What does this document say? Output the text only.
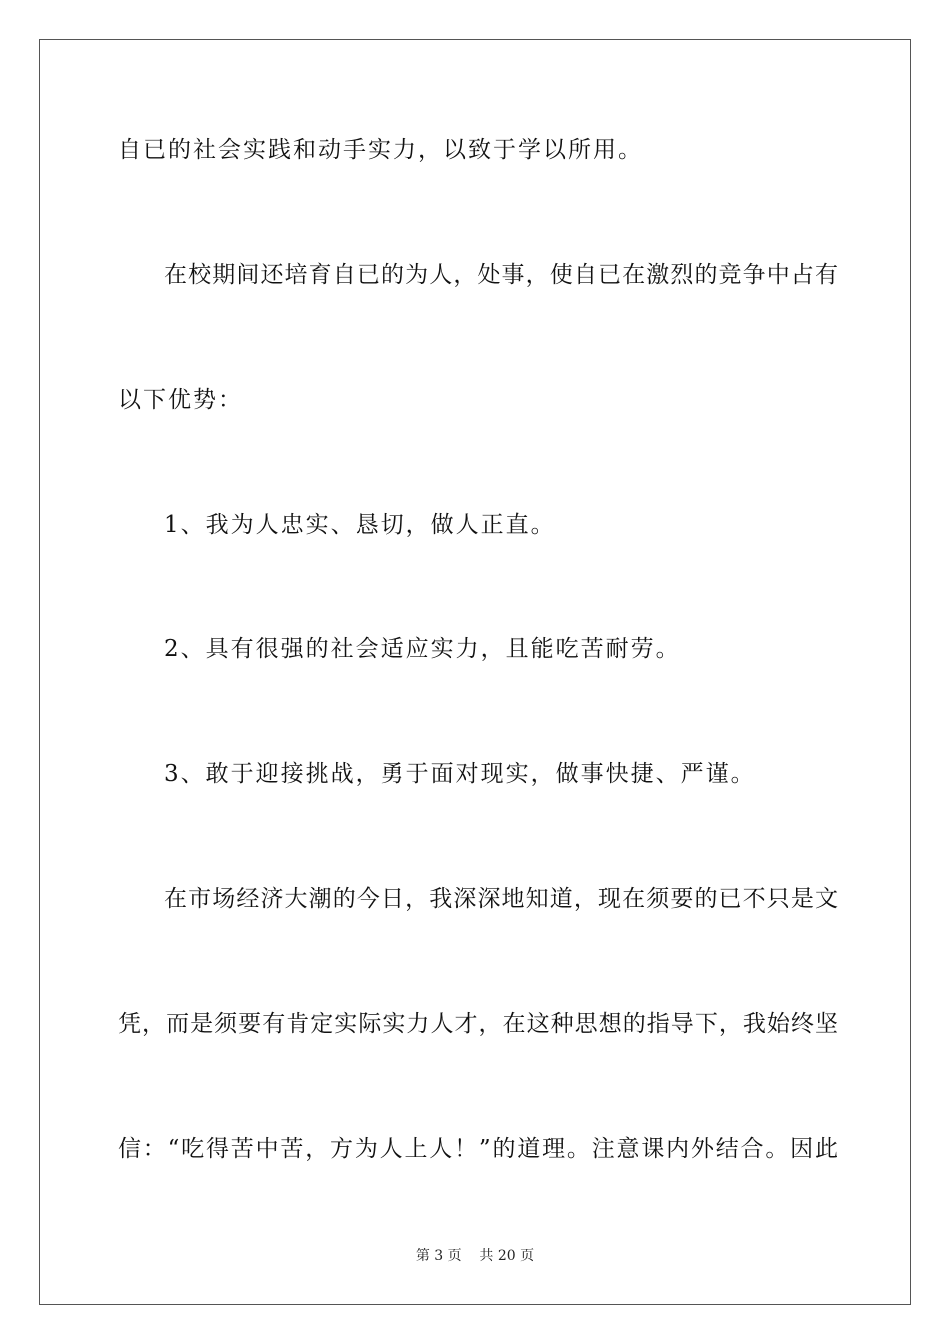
自已的社会实践和动手实力，以致于学以所用。
在校期间还培育自已的为人，处事，使自已在激烈的竞争中占有
以下优势：
1、我为人忠实、恳切，做人正直。
2、具有很强的社会适应实力，且能吃苦耐劳。
3、敢于迎接挑战，勇于面对现实，做事快捷、严谨。
在市场经济大潮的今日，我深深地知道，现在须要的已不只是文
凭，而是须要有肯定实际实力人才，在这种思想的指导下，我始终坚
信：“吃得苦中苦，方为人上人！”的道理。注意课内外结合。因此
第 3 页    共 20 页
